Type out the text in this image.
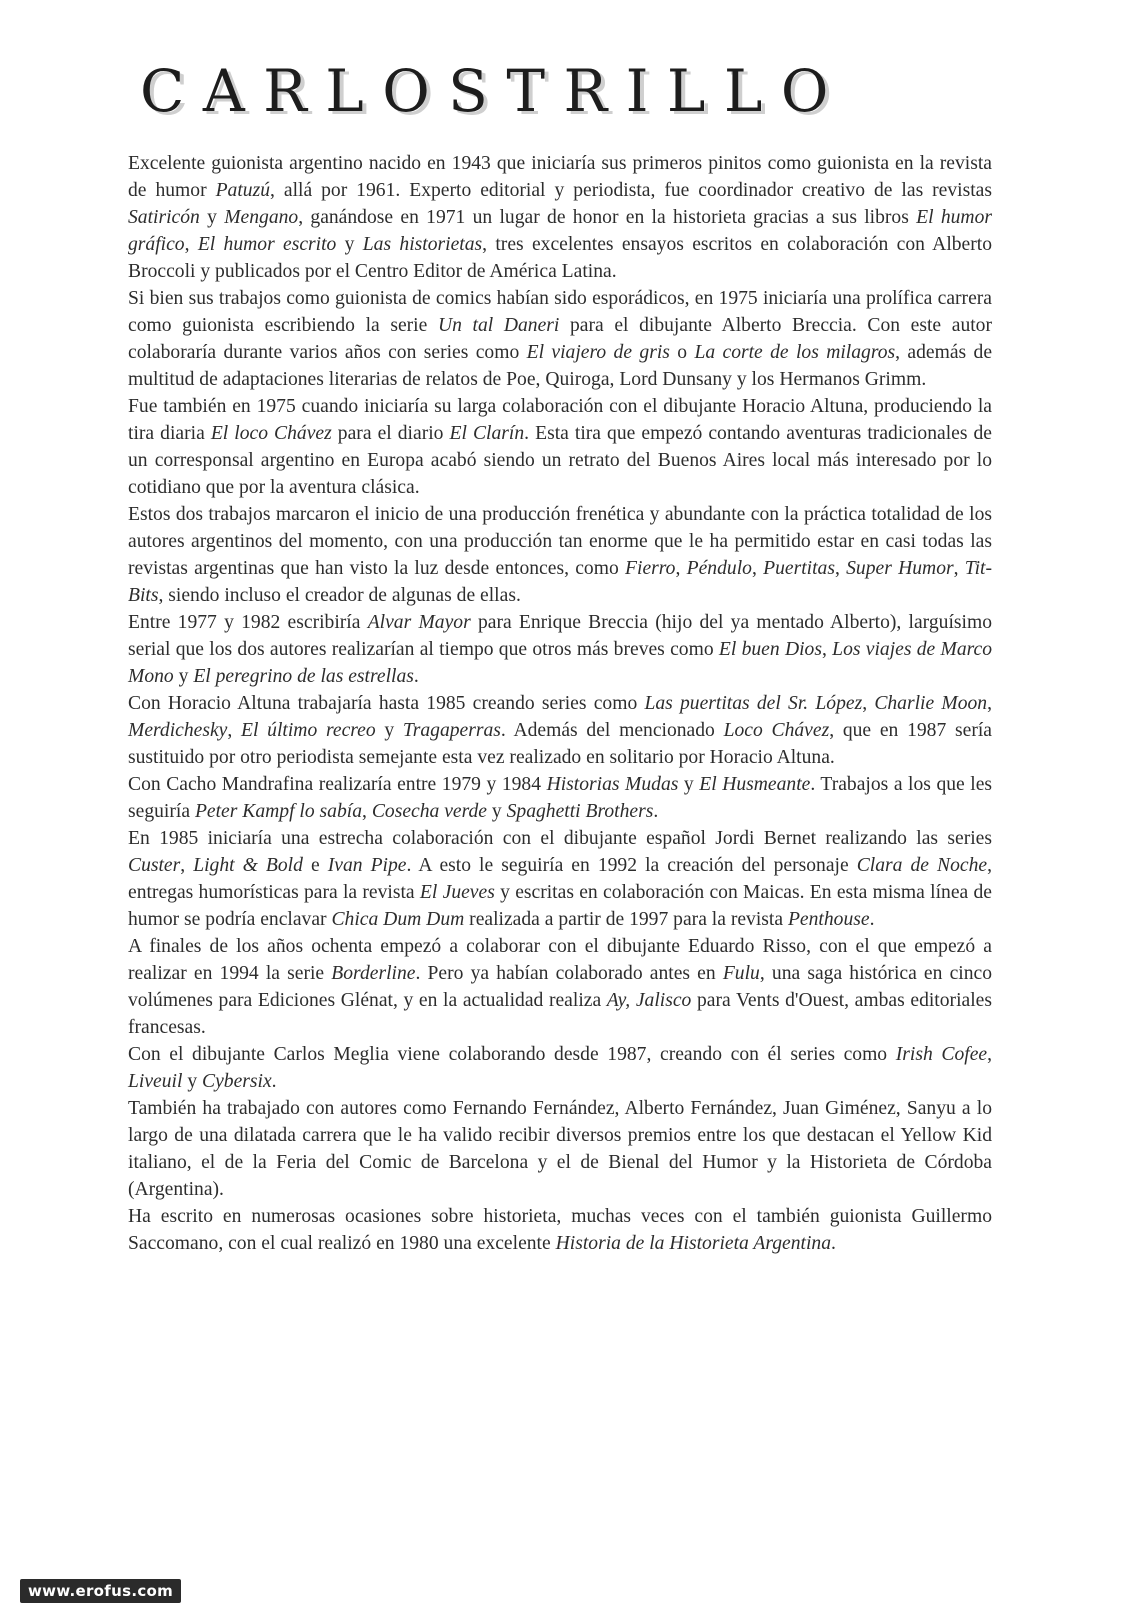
C A R L O S T R I L L O

Excelente guionista argentino nacido en 1943 que iniciaría sus primeros pinitos como guionista en la revista de humor Patuzú, allá por 1961. Experto editorial y periodista, fue coordinador creativo de las revistas Satiricón y Mengano, ganándose en 1971 un lugar de honor en la historieta gracias a sus libros El humor gráfico, El humor escrito y Las historietas, tres excelentes ensayos escritos en colaboración con Alberto Broccoli y publicados por el Centro Editor de América Latina.

Si bien sus trabajos como guionista de comics habían sido esporádicos, en 1975 iniciaría una prolífica carrera como guionista escribiendo la serie Un tal Daneri para el dibujante Alberto Breccia. Con este autor colaboraría durante varios años con series como El viajero de gris o La corte de los milagros, además de multitud de adaptaciones literarias de relatos de Poe, Quiroga, Lord Dunsany y los Hermanos Grimm.

Fue también en 1975 cuando iniciaría su larga colaboración con el dibujante Horacio Altuna, produciendo la tira diaria El loco Chávez para el diario El Clarín. Esta tira que empezó contando aventuras tradicionales de un corresponsal argentino en Europa acabó siendo un retrato del Buenos Aires local más interesado por lo cotidiano que por la aventura clásica.

Estos dos trabajos marcaron el inicio de una producción frenética y abundante con la práctica totalidad de los autores argentinos del momento, con una producción tan enorme que le ha permitido estar en casi todas las revistas argentinas que han visto la luz desde entonces, como Fierro, Péndulo, Puertitas, Super Humor, Tit-Bits, siendo incluso el creador de algunas de ellas.

Entre 1977 y 1982 escribiría Alvar Mayor para Enrique Breccia (hijo del ya mentado Alberto), larguísimo serial que los dos autores realizarían al tiempo que otros más breves como El buen Dios, Los viajes de Marco Mono y El peregrino de las estrellas.

Con Horacio Altuna trabajaría hasta 1985 creando series como Las puertitas del Sr. López, Charlie Moon, Merdichesky, El último recreo y Tragaperras. Además del mencionado Loco Chávez, que en 1987 sería sustituido por otro periodista semejante esta vez realizado en solitario por Horacio Altuna.

Con Cacho Mandrafina realizaría entre 1979 y 1984 Historias Mudas y El Husmeante. Trabajos a los que les seguiría Peter Kampf lo sabía, Cosecha verde y Spaghetti Brothers.

En 1985 iniciaría una estrecha colaboración con el dibujante español Jordi Bernet realizando las series Custer, Light & Bold e Ivan Pipe. A esto le seguiría en 1992 la creación del personaje Clara de Noche, entregas humorísticas para la revista El Jueves y escritas en colaboración con Maicas. En esta misma línea de humor se podría enclavar Chica Dum Dum realizada a partir de 1997 para la revista Penthouse.

A finales de los años ochenta empezó a colaborar con el dibujante Eduardo Risso, con el que empezó a realizar en 1994 la serie Borderline. Pero ya habían colaborado antes en Fulu, una saga histórica en cinco volúmenes para Ediciones Glénat, y en la actualidad realiza Ay, Jalisco para Vents d'Ouest, ambas editoriales francesas.

Con el dibujante Carlos Meglia viene colaborando desde 1987, creando con él series como Irish Cofee, Liveuil y Cybersix.

También ha trabajado con autores como Fernando Fernández, Alberto Fernández, Juan Giménez, Sanyu a lo largo de una dilatada carrera que le ha valido recibir diversos premios entre los que destacan el Yellow Kid italiano, el de la Feria del Comic de Barcelona y el de Bienal del Humor y la Historieta de Córdoba (Argentina).

Ha escrito en numerosas ocasiones sobre historieta, muchas veces con el también guionista Guillermo Saccomano, con el cual realizó en 1980 una excelente Historia de la Historieta Argentina.

www.erofus.com
